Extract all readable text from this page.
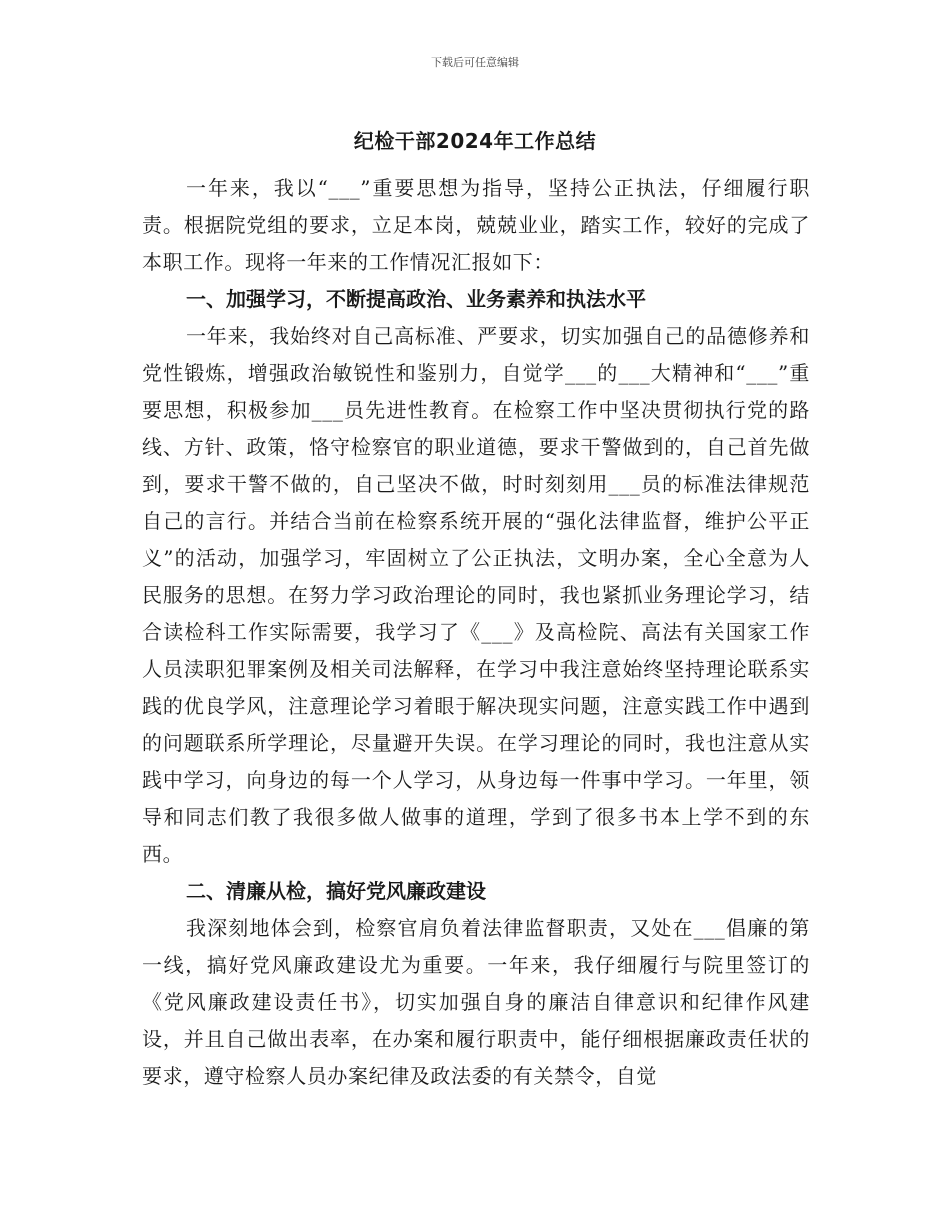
下载后可任意编辑
纪检干部2024年工作总结

一年来，我以“___”重要思想为指导，坚持公正执法，仔细履行职责。根据院党组的要求，立足本岗，兢兢业业，踏实工作，较好的完成了本职工作。现将一年来的工作情况汇报如下：

一、加强学习，不断提高政治、业务素养和执法水平

一年来，我始终对自己高标准、严要求，切实加强自己的品德修养和党性锻炼，增强政治敏锐性和鉴别力，自觉学___的___大精神和“___”重要思想，积极参加___员先进性教育。在检察工作中坚决贯彻执行党的路线、方针、政策，恪守检察官的职业道德，要求干警做到的，自己首先做到，要求干警不做的，自己坚决不做，时时刻刻用___员的标准法律规范自己的言行。并结合当前在检察系统开展的“强化法律监督，维护公平正义”的活动，加强学习，牢固树立了公正执法，文明办案，全心全意为人民服务的思想。在努力学习政治理论的同时，我也紧抓业务理论学习，结合读检科工作实际需要，我学习了《___》及高检院、高法有关国家工作人员渎职犯罪案例及相关司法解释，在学习中我注意始终坚持理论联系实践的优良学风，注意理论学习着眼于解决现实问题，注意实践工作中遇到的问题联系所学理论，尽量避开失误。在学习理论的同时，我也注意从实践中学习，向身边的每一个人学习，从身边每一件事中学习。一年里，领导和同志们教了我很多做人做事的道理，学到了很多书本上学不到的东西。

二、清廉从检，搞好党风廉政建设

我深刻地体会到，检察官肩负着法律监督职责，又处在___倡廉的第一线，搞好党风廉政建设尤为重要。一年来，我仔细履行与院里签订的《党风廉政建设责任书》，切实加强自身的廉洁自律意识和纪律作风建设，并且自己做出表率，在办案和履行职责中，能仔细根据廉政责任状的要求，遵守检察人员办案纪律及政法委的有关禁令，自觉
